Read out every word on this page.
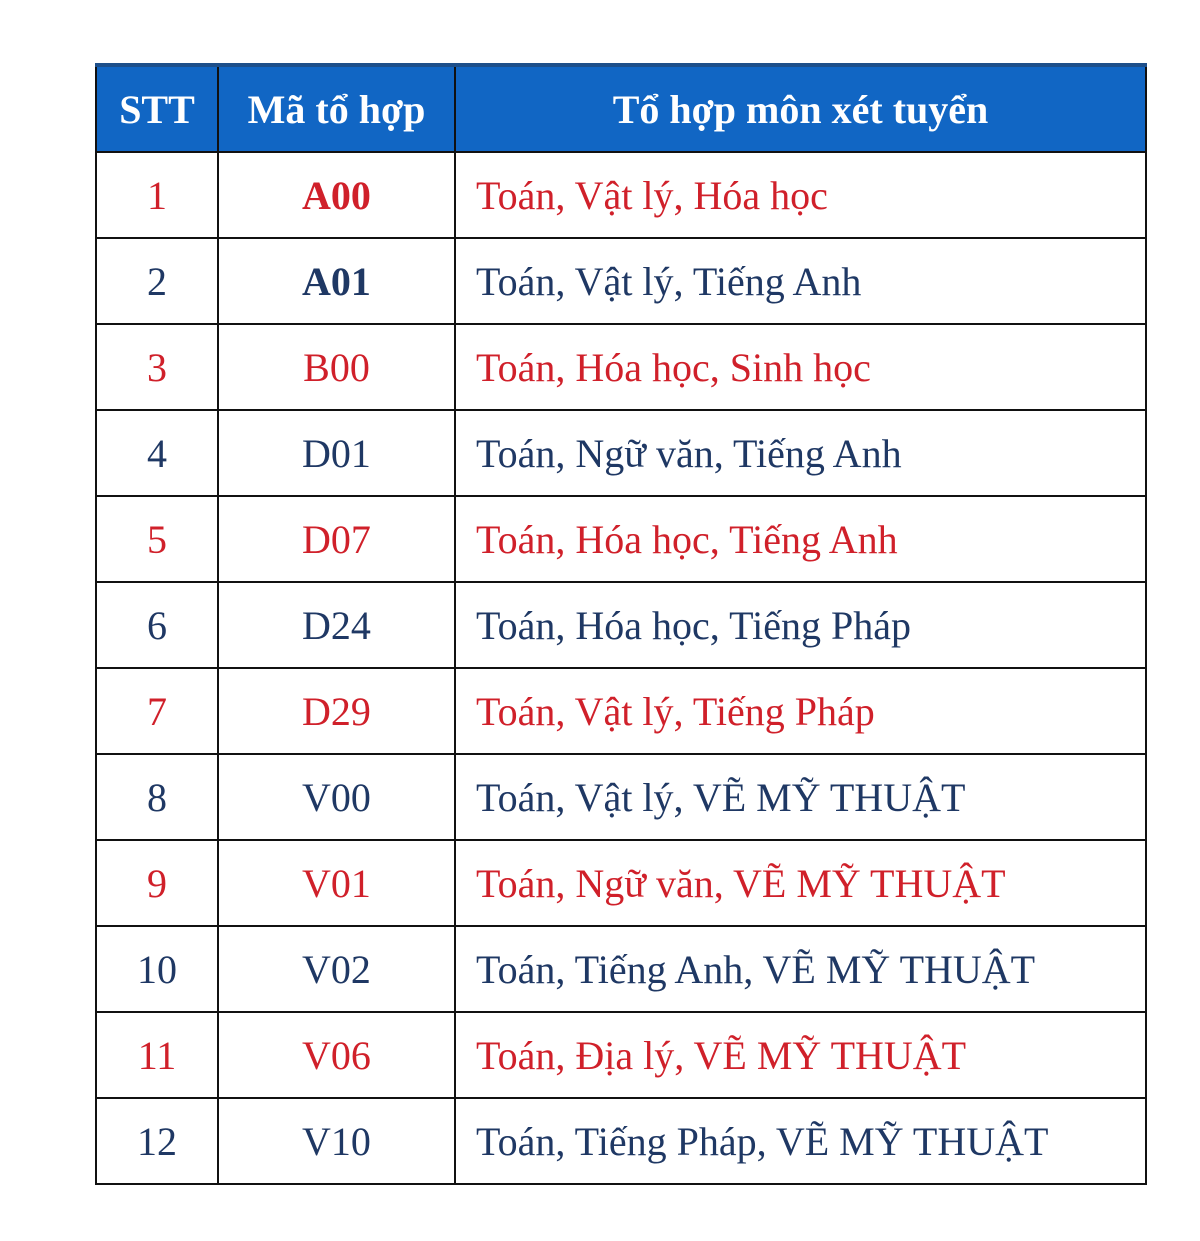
STT	Mã tổ hợp	Tổ hợp môn xét tuyển
1	A00	Toán, Vật lý, Hóa học
2	A01	Toán, Vật lý, Tiếng Anh
3	B00	Toán, Hóa học, Sinh học
4	D01	Toán, Ngữ văn, Tiếng Anh
5	D07	Toán, Hóa học, Tiếng Anh
6	D24	Toán, Hóa học, Tiếng Pháp
7	D29	Toán, Vật lý, Tiếng Pháp
8	V00	Toán, Vật lý, VẼ MỸ THUẬT
9	V01	Toán, Ngữ văn, VẼ MỸ THUẬT
10	V02	Toán, Tiếng Anh, VẼ MỸ THUẬT
11	V06	Toán, Địa lý, VẼ MỸ THUẬT
12	V10	Toán, Tiếng Pháp, VẼ MỸ THUẬT
